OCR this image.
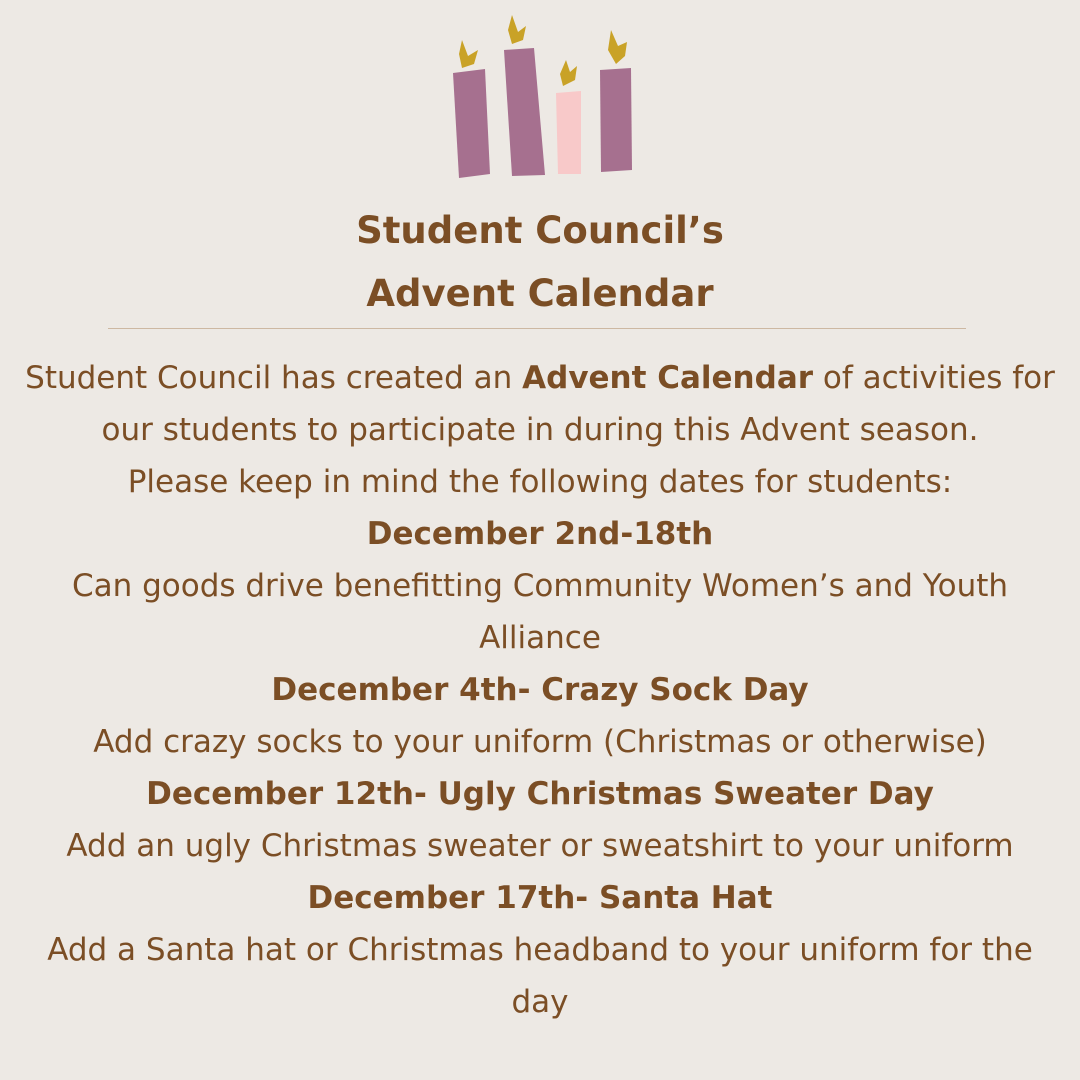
Student Council’s
Advent Calendar

Student Council has created an Advent Calendar of activities for our students to participate in during this Advent season.

Please keep in mind the following dates for students:

December 2nd-18th

Can goods drive benefitting Community Women’s and Youth Alliance

December 4th- Crazy Sock Day

Add crazy socks to your uniform (Christmas or otherwise)

December 12th- Ugly Christmas Sweater Day

Add an ugly Christmas sweater or sweatshirt to your uniform

December 17th- Santa Hat

Add a Santa hat or Christmas headband to your uniform for the day
